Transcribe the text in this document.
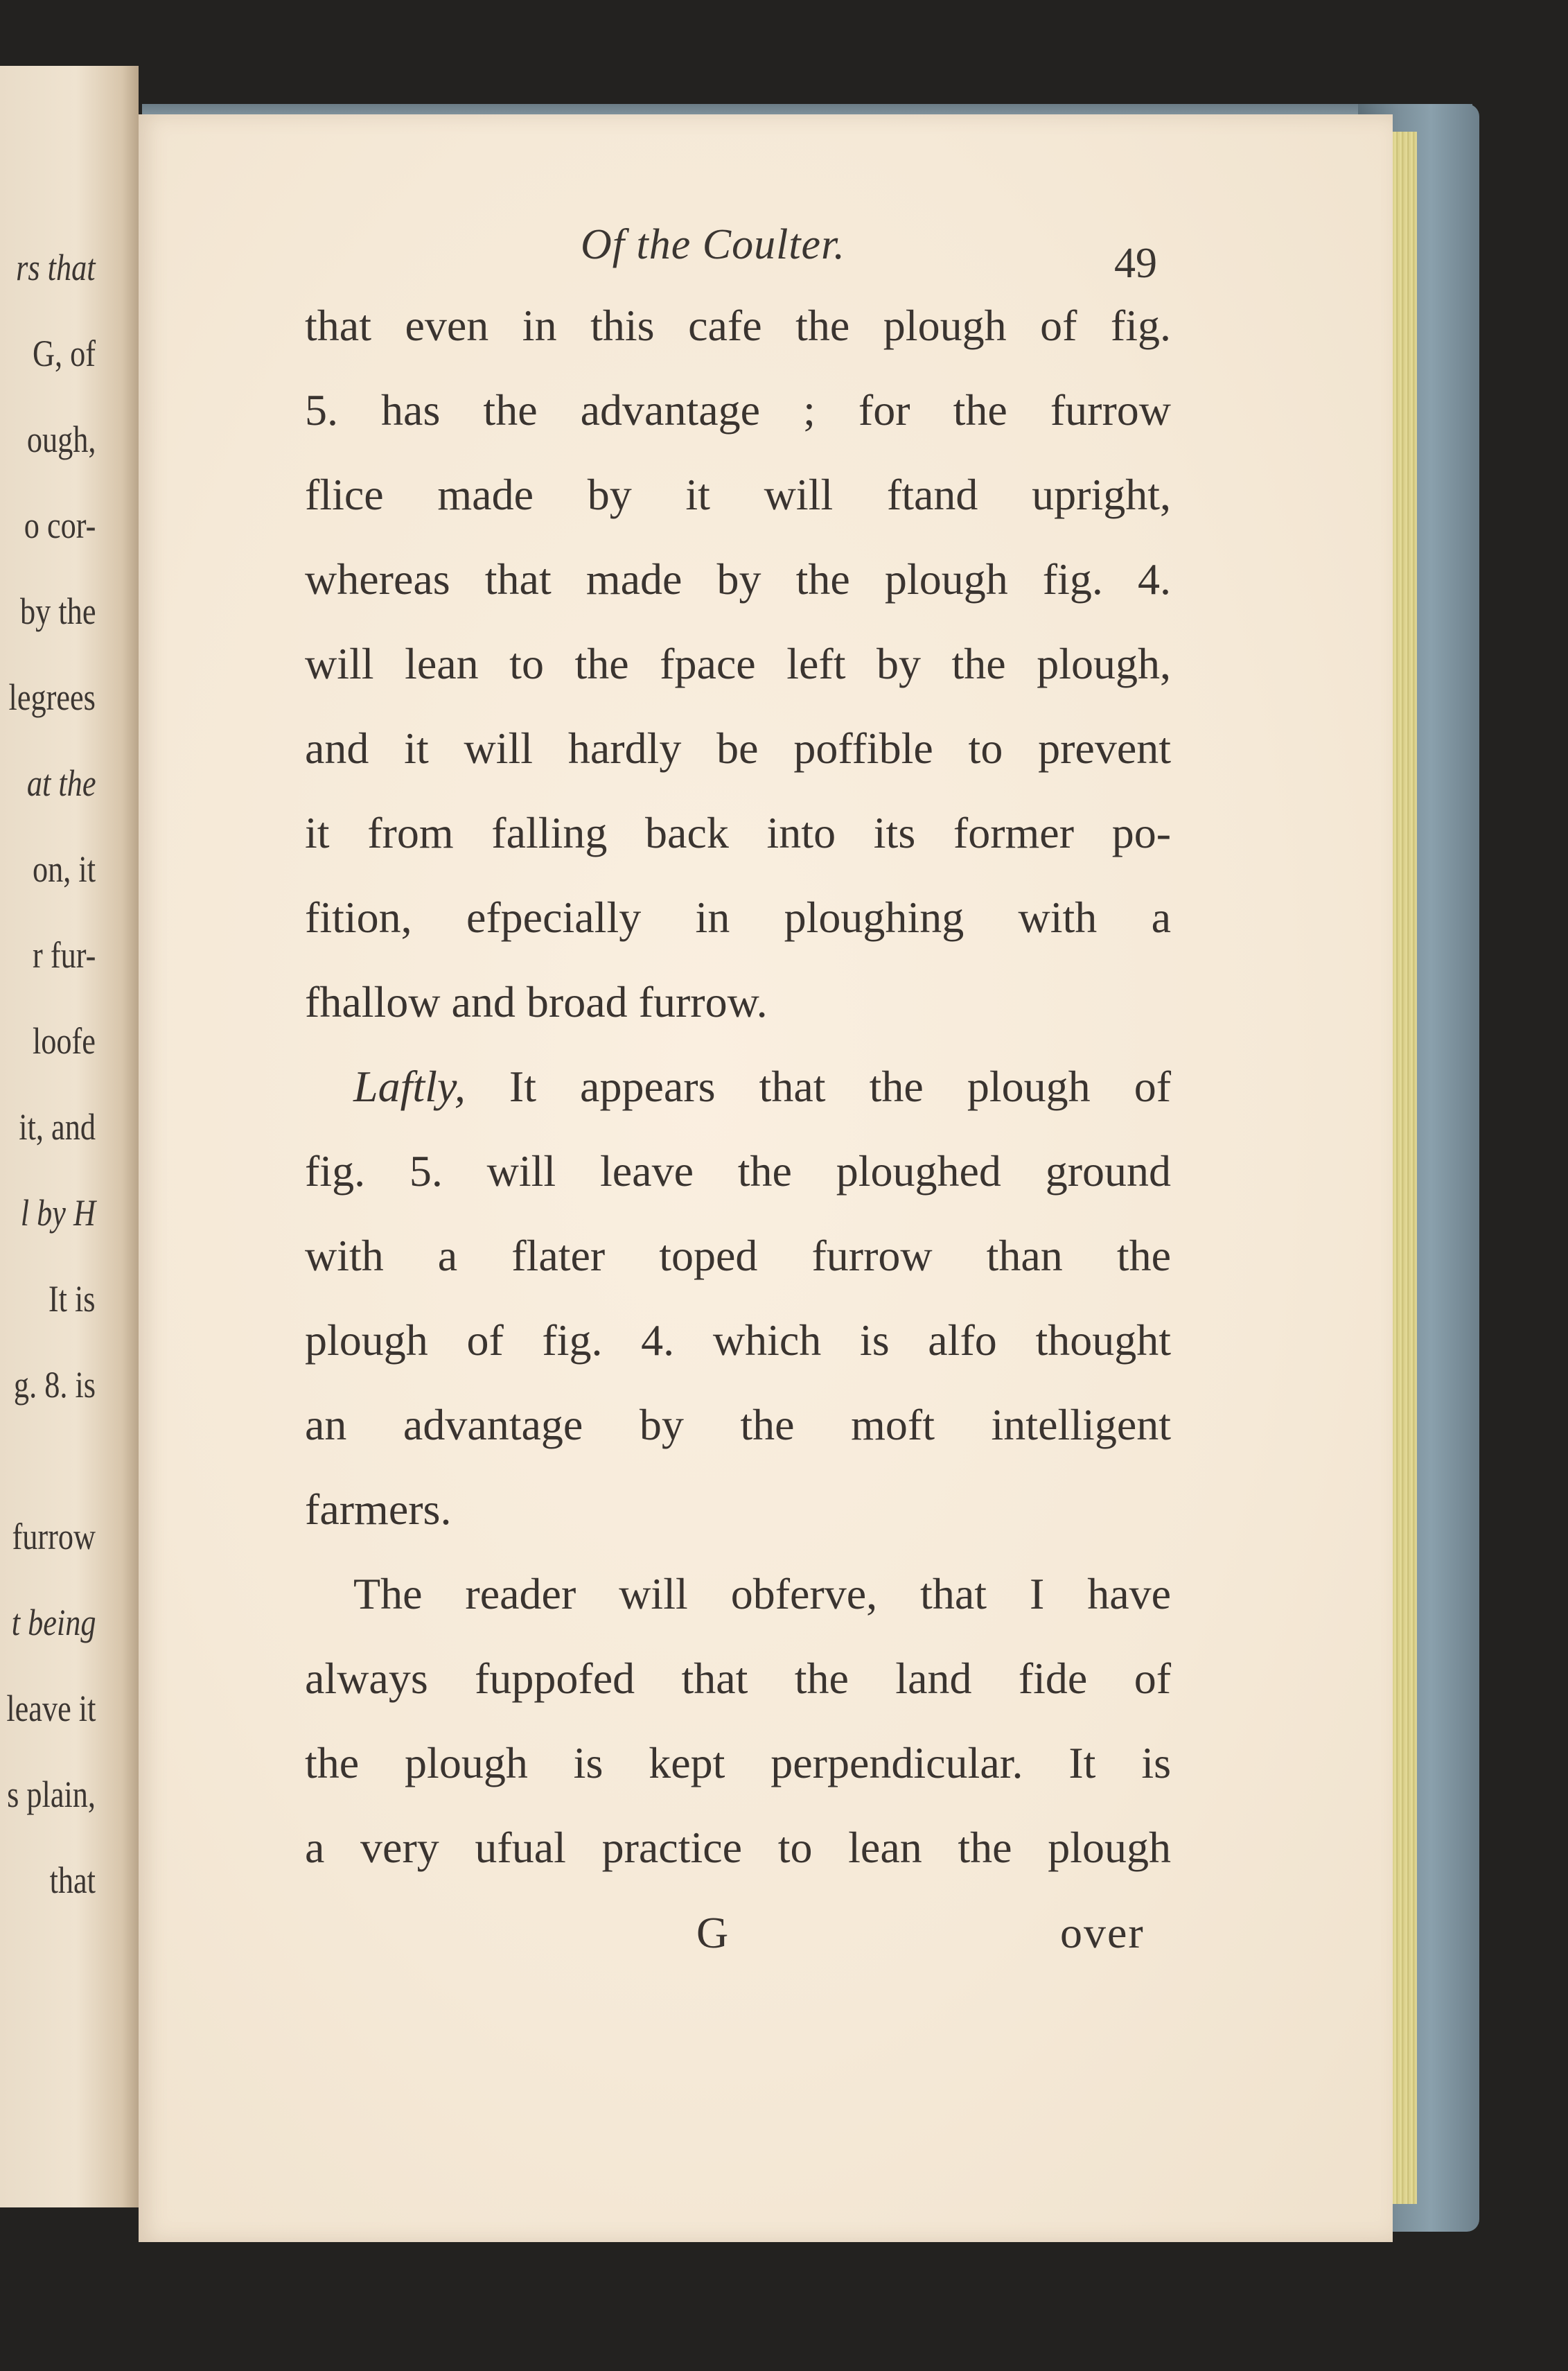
rs that
G, of
ough,
o cor-
by the
legrees
at the
on, it
r fur-
loofe
it, and
l by H
It is
g. 8. is
furrow
t being
leave it
s plain,
that
Of the Coulter.	49
that even in this cafe the plough of fig.
5. has the advantage ; for the furrow
flice made by it will ftand upright,
whereas that made by the plough fig. 4.
will lean to the fpace left by the plough,
and it will hardly be poffible to prevent
it from falling back into its former po-
fition, efpecially in ploughing with a
fhallow and broad furrow.
Laftly, It appears that the plough of
fig. 5. will leave the ploughed ground
with a flater toped furrow than the
plough of fig. 4. which is alfo thought
an advantage by the moft intelligent
farmers.
The reader will obferve, that I have
always fuppofed that the land fide of
the plough is kept perpendicular. It is
a very ufual practice to lean the plough
G	over
